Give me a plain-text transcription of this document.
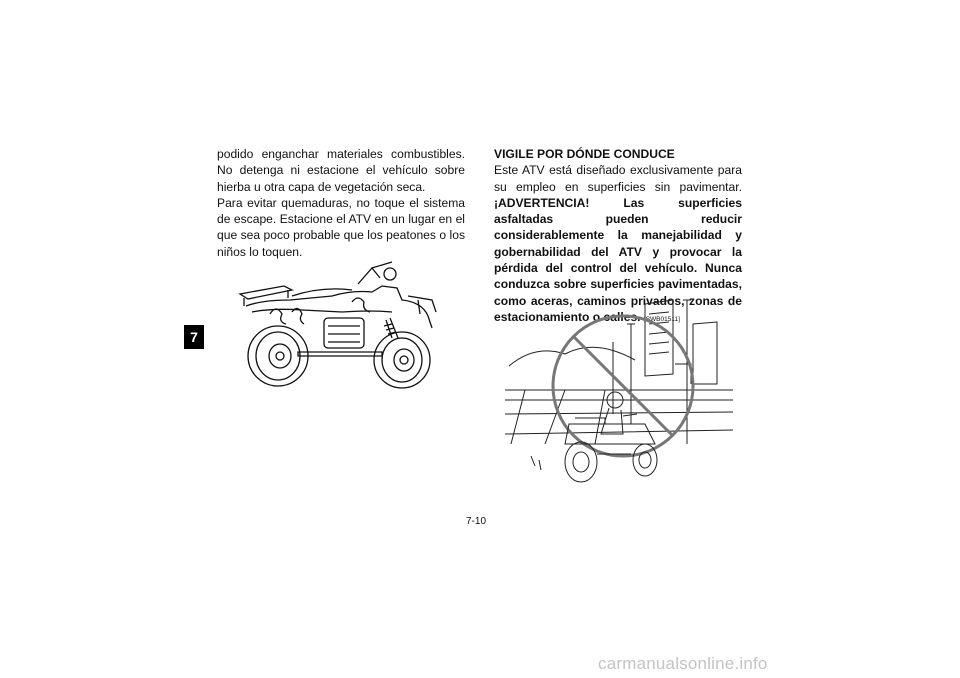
7

podido enganchar materiales combustibles. No detenga ni estacione el vehículo sobre hierba u otra capa de vegetación seca.

Para evitar quemaduras, no toque el sistema de escape. Estacione el ATV en un lugar en el que sea poco probable que los peatones o los niños lo toquen.

VIGILE POR DÓNDE CONDUCE

Este ATV está diseñado exclusivamente para su empleo en superficies sin pavimentar. ¡ADVERTENCIA! Las superficies asfaltadas pueden reducir considerablemente la manejabilidad y gobernabilidad del ATV y provocar la pérdida del control del vehículo. Nunca conduzca sobre superficies pavimentadas, como aceras, caminos privados, zonas de estacionamiento o calles. [SWB01511]

7-10
carmanualsonline.info
